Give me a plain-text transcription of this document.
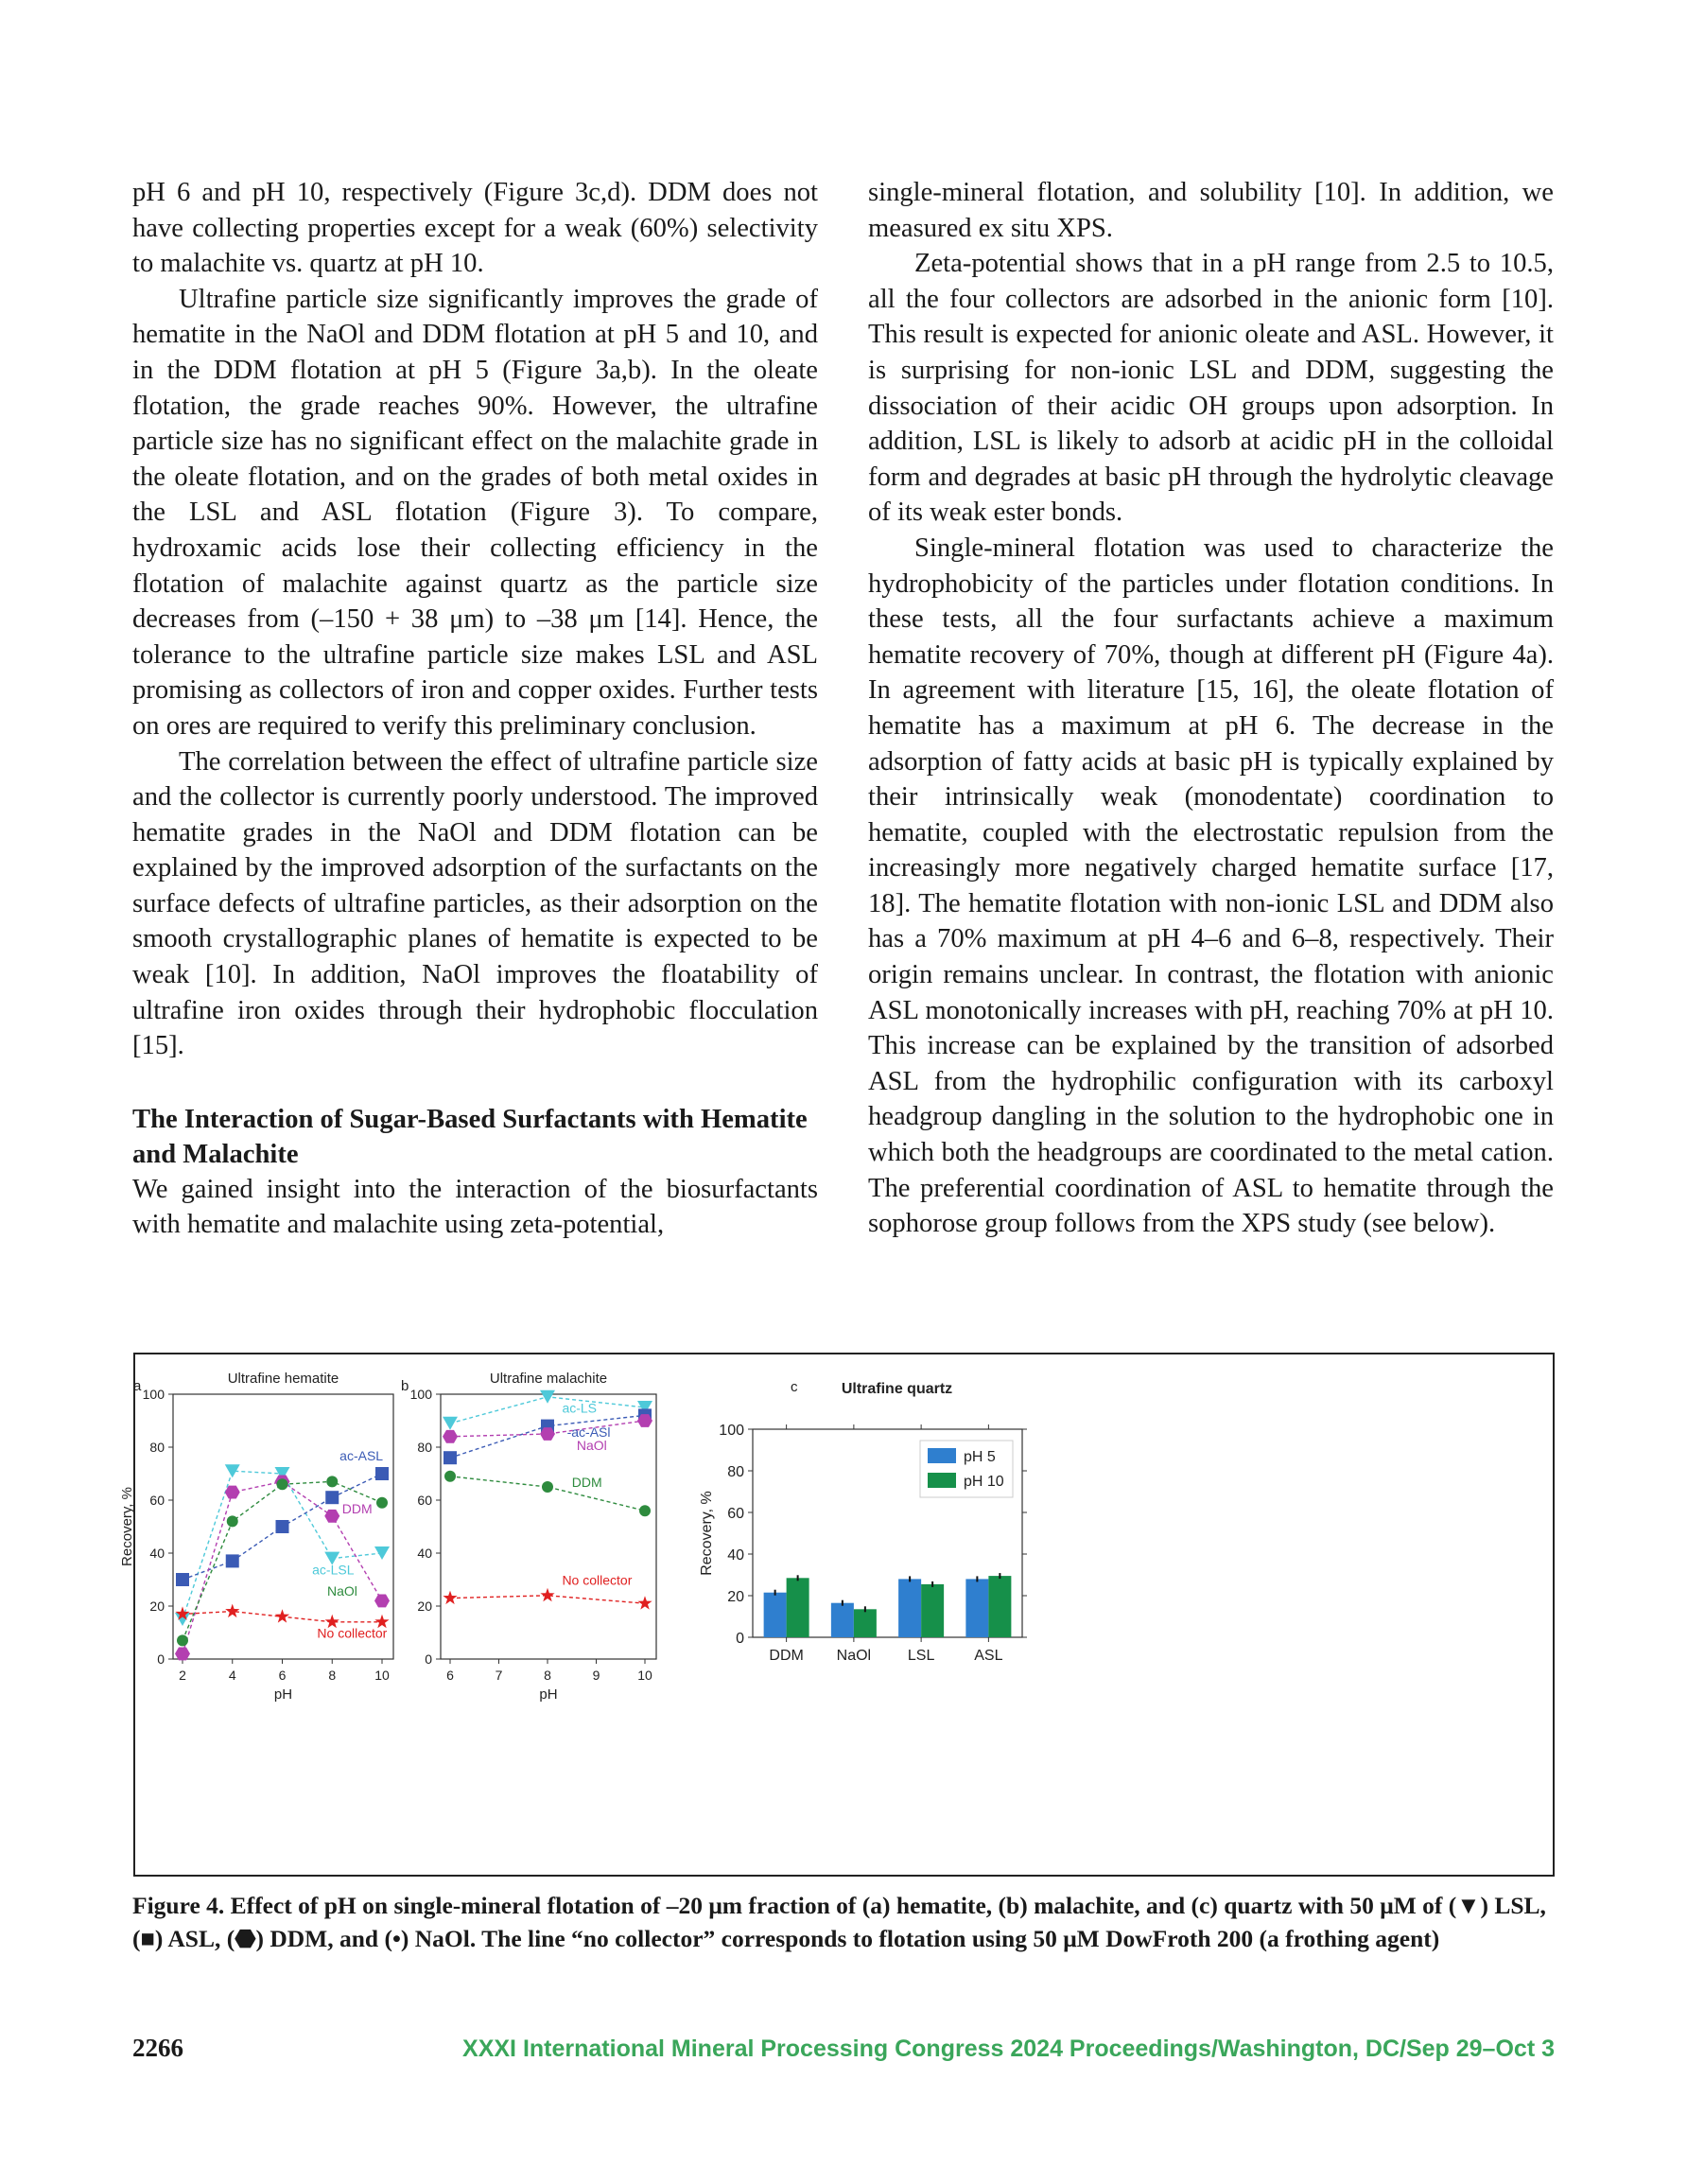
pH 6 and pH 10, respectively (Figure 3c,d). DDM does not have collecting properties except for a weak (60%) selectivity to malachite vs. quartz at pH 10.

Ultrafine particle size significantly improves the grade of hematite in the NaOl and DDM flotation at pH 5 and 10, and in the DDM flotation at pH 5 (Figure 3a,b). In the oleate flotation, the grade reaches 90%. However, the ultrafine particle size has no significant effect on the malachite grade in the oleate flotation, and on the grades of both metal oxides in the LSL and ASL flotation (Figure 3). To compare, hydroxamic acids lose their collecting efficiency in the flotation of malachite against quartz as the particle size decreases from (–150 + 38 μm) to –38 μm [14]. Hence, the tolerance to the ultrafine particle size makes LSL and ASL promising as collectors of iron and copper oxides. Further tests on ores are required to verify this preliminary conclusion.

The correlation between the effect of ultrafine particle size and the collector is currently poorly understood. The improved hematite grades in the NaOl and DDM flotation can be explained by the improved adsorption of the surfactants on the surface defects of ultrafine particles, as their adsorption on the smooth crystallographic planes of hematite is expected to be weak [10]. In addition, NaOl improves the floatability of ultrafine iron oxides through their hydrophobic flocculation [15].

The Interaction of Sugar-Based Surfactants with Hematite and Malachite

We gained insight into the interaction of the biosurfactants with hematite and malachite using zeta-potential,

single-mineral flotation, and solubility [10]. In addition, we measured ex situ XPS.

Zeta-potential shows that in a pH range from 2.5 to 10.5, all the four collectors are adsorbed in the anionic form [10]. This result is expected for anionic oleate and ASL. However, it is surprising for non-ionic LSL and DDM, suggesting the dissociation of their acidic OH groups upon adsorption. In addition, LSL is likely to adsorb at acidic pH in the colloidal form and degrades at basic pH through the hydrolytic cleavage of its weak ester bonds.

Single-mineral flotation was used to characterize the hydrophobicity of the particles under flotation conditions. In these tests, all the four surfactants achieve a maximum hematite recovery of 70%, though at different pH (Figure 4a). In agreement with literature [15, 16], the oleate flotation of hematite has a maximum at pH 6. The decrease in the adsorption of fatty acids at basic pH is typically explained by their intrinsically weak (monodentate) coordination to hematite, coupled with the electrostatic repulsion from the increasingly more negatively charged hematite surface [17, 18]. The hematite flotation with non-ionic LSL and DDM also has a 70% maximum at pH 4–6 and 6–8, respectively. Their origin remains unclear. In contrast, the flotation with anionic ASL monotonically increases with pH, reaching 70% at pH 10. This increase can be explained by the transition of adsorbed ASL from the hydrophilic configuration with its carboxyl headgroup dangling in the solution to the hydrophobic one in which both the headgroups are coordinated to the metal cation. The preferential coordination of ASL to hematite through the sophorose group follows from the XPS study (see below).

a	Ultrafine hematite
0
20
40
60
80
100
2	4	6	8	10
pH
Recovery, %
ac-ASL
DDM
ac-LSL
NaOl
No collector
b	Ultrafine malachite
0
20
40
60
80
100
6	7	8	9	10
pH
ac-LS
-ac-ASl
NaOl
DDM
No collector
c	Ultrafine quartz
0
20
40
60
80
100
Recovery, %
DDM NaOl LSL	ASL
pH 5
pH 10
Figure 4. Effect of pH on single-mineral flotation of –20 μm fraction of (a) hematite, (b) malachite, and (c) quartz with 50 μM of (▼) LSL, (■) ASL, (⬣) DDM, and (•) NaOl. The line “no collector” corresponds to flotation using 50 μM DowFroth 200 (a frothing agent)
2266	XXXI International Mineral Processing Congress 2024 Proceedings/Washington, DC/Sep 29–Oct 3
